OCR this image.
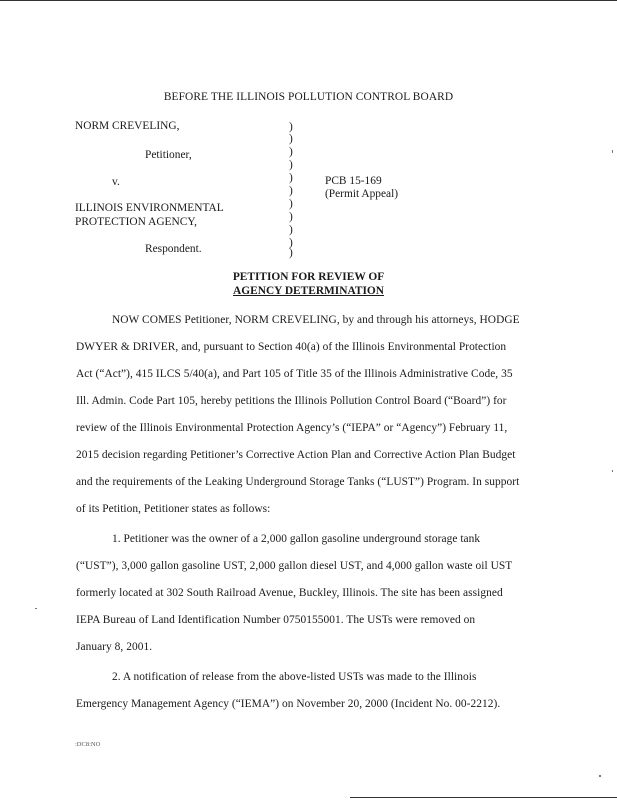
BEFORE THE ILLINOIS POLLUTION CONTROL BOARD
NORM CREVELING,
Petitioner,
v.
ILLINOIS ENVIRONMENTAL
PROTECTION AGENCY,
Respondent.
)
)
)
)
)
)
)
)
)
)
)
PCB 15-169
(Permit Appeal)
PETITION FOR REVIEW OF
AGENCY DETERMINATION
NOW COMES Petitioner, NORM CREVELING, by and through his attorneys, HODGE
DWYER & DRIVER, and, pursuant to Section 40(a) of the Illinois Environmental Protection
Act (“Act”), 415 ILCS 5/40(a), and Part 105 of Title 35 of the Illinois Administrative Code, 35
Ill. Admin. Code Part 105, hereby petitions the Illinois Pollution Control Board (“Board”) for
review of the Illinois Environmental Protection Agency’s (“IEPA” or “Agency”) February 11,
2015 decision regarding Petitioner’s Corrective Action Plan and Corrective Action Plan Budget
and the requirements of the Leaking Underground Storage Tanks (“LUST”) Program. In support
of its Petition, Petitioner states as follows:
1. Petitioner was the owner of a 2,000 gallon gasoline underground storage tank
(“UST”), 3,000 gallon gasoline UST, 2,000 gallon diesel UST, and 4,000 gallon waste oil UST
formerly located at 302 South Railroad Avenue, Buckley, Illinois. The site has been assigned
IEPA Bureau of Land Identification Number 0750155001. The USTs were removed on
January 8, 2001.
2. A notification of release from the above-listed USTs was made to the Illinois
Emergency Management Agency (“IEMA”) on November 20, 2000 (Incident No. 00-2212).
:DC8:NO
